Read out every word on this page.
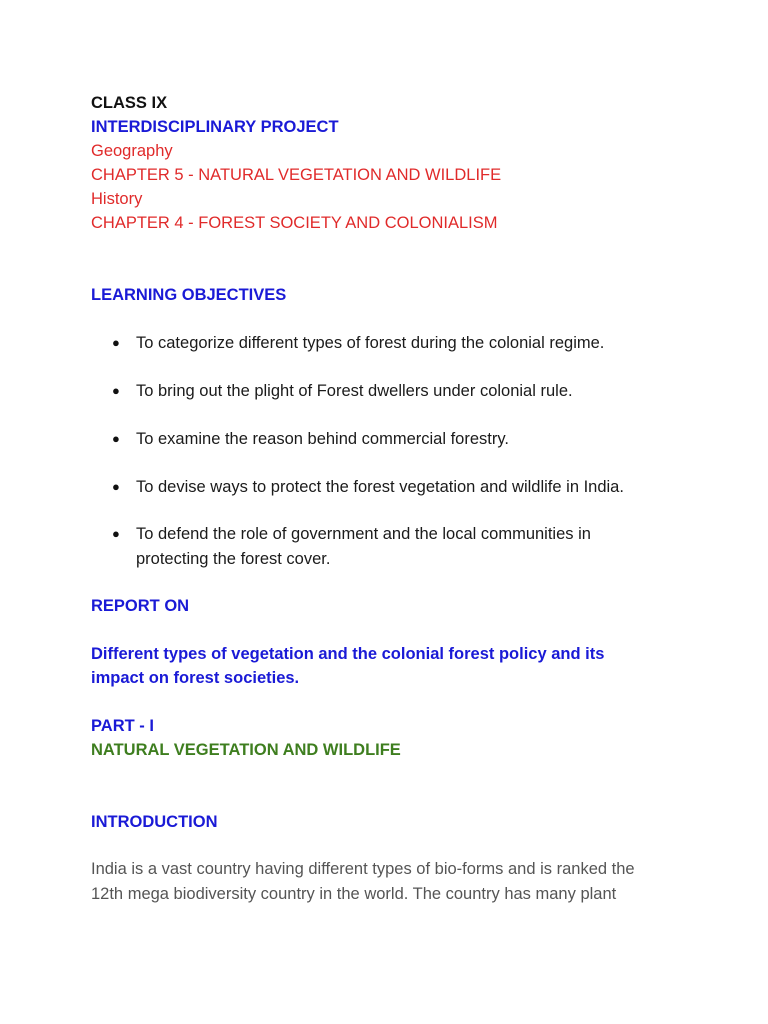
CLASS IX
INTERDISCIPLINARY PROJECT
Geography
CHAPTER 5 - NATURAL VEGETATION AND WILDLIFE
History
CHAPTER 4 - FOREST SOCIETY AND COLONIALISM
LEARNING OBJECTIVES
● To categorize different types of forest during the colonial regime.
● To bring out the plight of Forest dwellers under colonial rule.
● To examine the reason behind commercial forestry.
● To devise ways to protect the forest vegetation and wildlife in India.
● To defend the role of government and the local communities in
protecting the forest cover.
REPORT ON
Different types of vegetation and the colonial forest policy and its
impact on forest societies.
PART - I
NATURAL VEGETATION AND WILDLIFE
INTRODUCTION
India is a vast country having different types of bio-forms and is ranked the
12th mega biodiversity country in the world. The country has many plant
